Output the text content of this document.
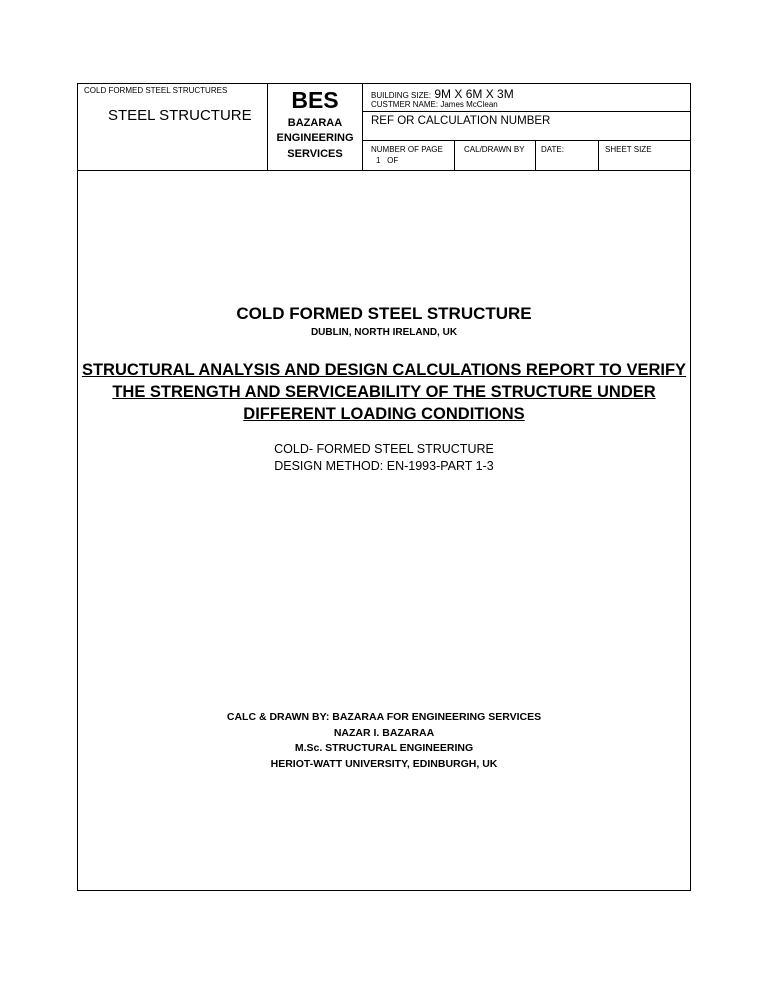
COLD FORMED STEEL STRUCTURES
STEEL STRUCTURE
BES
BAZARAA
ENGINEERING
SERVICES
BUILDING SIZE: 9M X 6M X 3M
CUSTMER NAME: James McClean
REF OR CALCULATION NUMBER
NUMBER OF PAGE
1 OF
CAL/DRAWN BY DATE:	SHEET SIZE
COLD FORMED STEEL STRUCTURE
DUBLIN, NORTH IRELAND, UK
STRUCTURAL ANALYSIS AND DESIGN CALCULATIONS REPORT TO VERIFY
THE STRENGTH AND SERVICEABILITY OF THE STRUCTURE UNDER
DIFFERENT LOADING CONDITIONS
COLD- FORMED STEEL STRUCTURE
DESIGN METHOD: EN-1993-PART 1-3
CALC & DRAWN BY: BAZARAA FOR ENGINEERING SERVICES
NAZAR I. BAZARAA
M.Sc. STRUCTURAL ENGINEERING
HERIOT-WATT UNIVERSITY, EDINBURGH, UK
